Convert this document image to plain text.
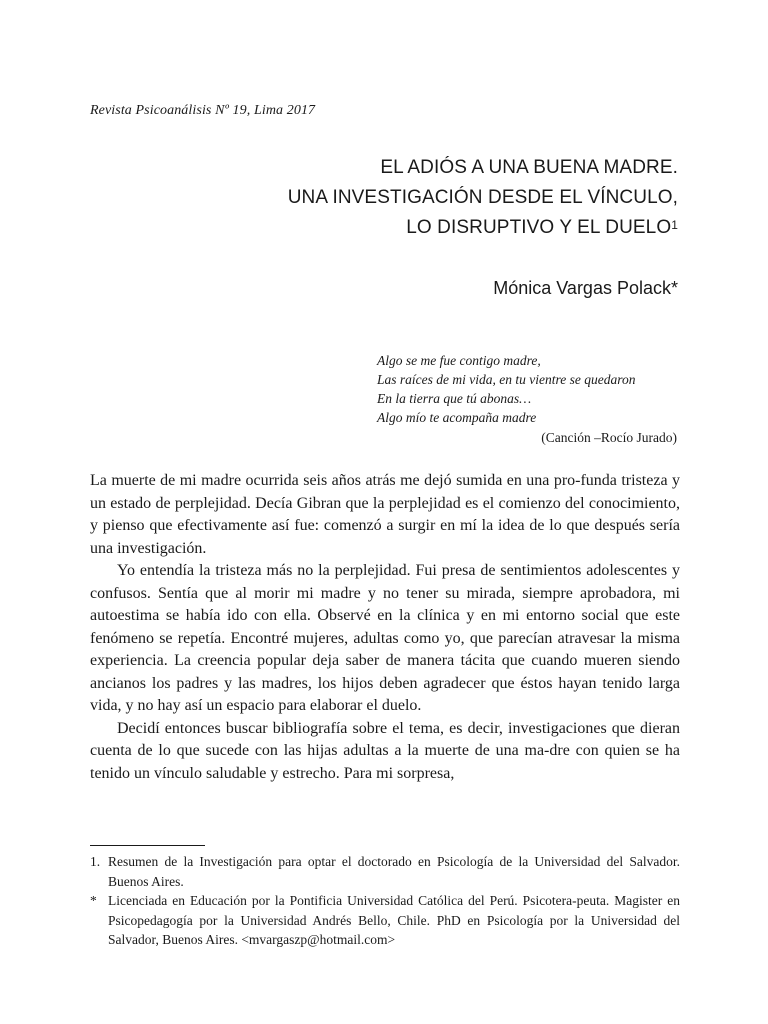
Revista Psicoanálisis Nº 19, Lima 2017
EL ADIÓS A UNA BUENA MADRE.
UNA INVESTIGACIÓN DESDE EL VÍNCULO,
LO DISRUPTIVO Y EL DUELO$^1$
Mónica Vargas Polack*
Algo se me fue contigo madre,
Las raíces de mi vida, en tu vientre se quedaron
En la tierra que tú abonas…
Algo mío te acompaña madre
(Canción –Rocío Jurado)

La muerte de mi madre ocurrida seis años atrás me dejó sumida en una pro-funda tristeza y un estado de perplejidad. Decía Gibran que la perplejidad es el comienzo del conocimiento, y pienso que efectivamente así fue: comenzó a surgir en mí la idea de lo que después sería una investigación.

Yo entendía la tristeza más no la perplejidad. Fui presa de sentimientos adolescentes y confusos. Sentía que al morir mi madre y no tener su mirada, siempre aprobadora, mi autoestima se había ido con ella. Observé en la clínica y en mi entorno social que este fenómeno se repetía. Encontré mujeres, adultas como yo, que parecían atravesar la misma experiencia. La creencia popular deja saber de manera tácita que cuando mueren siendo ancianos los padres y las madres, los hijos deben agradecer que éstos hayan tenido larga vida, y no hay así un espacio para elaborar el duelo.

Decidí entonces buscar bibliografía sobre el tema, es decir, investigaciones que dieran cuenta de lo que sucede con las hijas adultas a la muerte de una ma-dre con quien se ha tenido un vínculo saludable y estrecho. Para mi sorpresa,

1. Resumen de la Investigación para optar el doctorado en Psicología de la Universidad del Salvador. Buenos Aires.
* Licenciada en Educación por la Pontificia Universidad Católica del Perú. Psicotera-peuta. Magister en Psicopedagogía por la Universidad Andrés Bello, Chile. PhD en Psicología por la Universidad del Salvador, Buenos Aires. <mvargaszp@hotmail.com>
